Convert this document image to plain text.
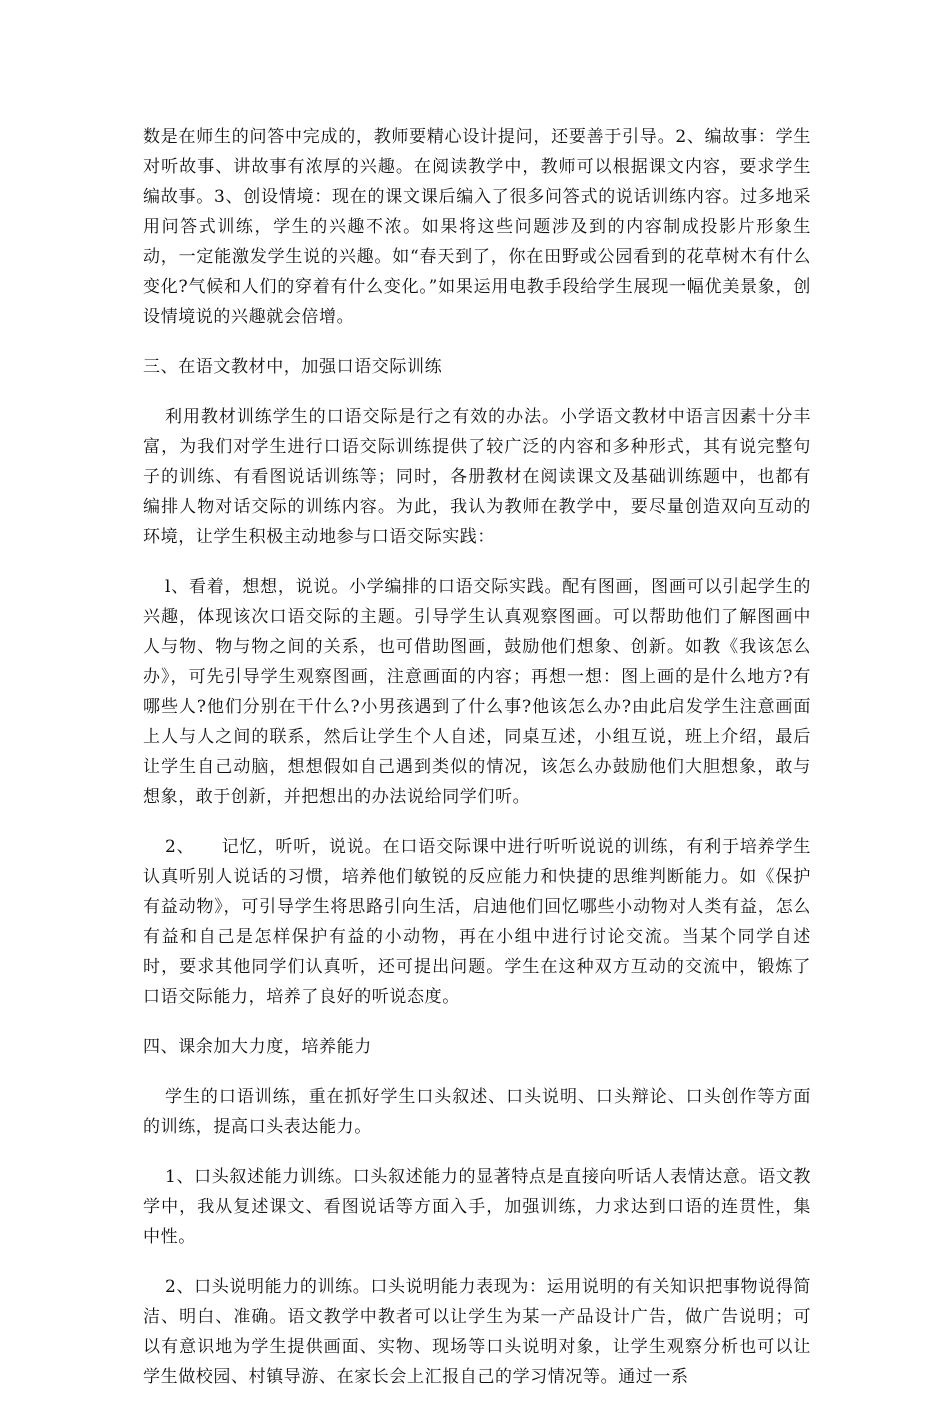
数是在师生的问答中完成的，教师要精心设计提问，还要善于引导。2、编故事：学生对听故事、讲故事有浓厚的兴趣。在阅读教学中，教师可以根据课文内容，要求学生编故事。3、创设情境：现在的课文课后编入了很多问答式的说话训练内容。过多地采用问答式训练，学生的兴趣不浓。如果将这些问题涉及到的内容制成投影片形象生动，一定能激发学生说的兴趣。如“春天到了，你在田野或公园看到的花草树木有什么变化?气候和人们的穿着有什么变化。”如果运用电教手段给学生展现一幅优美景象，创设情境说的兴趣就会倍增。

三、在语文教材中，加强口语交际训练

利用教材训练学生的口语交际是行之有效的办法。小学语文教材中语言因素十分丰富，为我们对学生进行口语交际训练提供了较广泛的内容和多种形式，其有说完整句子的训练、有看图说话训练等；同时，各册教材在阅读课文及基础训练题中，也都有编排人物对话交际的训练内容。为此，我认为教师在教学中，要尽量创造双向互动的环境，让学生积极主动地参与口语交际实践：

l、看着，想想，说说。小学编排的口语交际实践。配有图画，图画可以引起学生的兴趣，体现该次口语交际的主题。引导学生认真观察图画。可以帮助他们了解图画中人与物、物与物之间的关系，也可借助图画，鼓励他们想象、创新。如教《我该怎么办》，可先引导学生观察图画，注意画面的内容；再想一想：图上画的是什么地方?有哪些人?他们分别在干什么?小男孩遇到了什么事?他该怎么办?由此启发学生注意画面上人与人之间的联系，然后让学生个人自述，同桌互述，小组互说，班上介绍，最后让学生自己动脑，想想假如自己遇到类似的情况，该怎么办鼓励他们大胆想象，敢与想象，敢于创新，并把想出的办法说给同学们听。

2、　　记忆，听听，说说。在口语交际课中进行听听说说的训练，有利于培养学生认真听别人说话的习惯，培养他们敏锐的反应能力和快捷的思维判断能力。如《保护有益动物》，可引导学生将思路引向生活，启迪他们回忆哪些小动物对人类有益，怎么有益和自己是怎样保护有益的小动物，再在小组中进行讨论交流。当某个同学自述时，要求其他同学们认真听，还可提出问题。学生在这种双方互动的交流中，锻炼了口语交际能力，培养了良好的听说态度。

四、课余加大力度，培养能力

学生的口语训练，重在抓好学生口头叙述、口头说明、口头辩论、口头创作等方面的训练，提高口头表达能力。

1、口头叙述能力训练。口头叙述能力的显著特点是直接向听话人表情达意。语文教学中，我从复述课文、看图说话等方面入手，加强训练，力求达到口语的连贯性，集中性。

2、口头说明能力的训练。口头说明能力表现为：运用说明的有关知识把事物说得简洁、明白、准确。语文教学中教者可以让学生为某一产品设计广告，做广告说明；可以有意识地为学生提供画面、实物、现场等口头说明对象，让学生观察分析也可以让学生做校园、村镇导游、在家长会上汇报自己的学习情况等。通过一系
